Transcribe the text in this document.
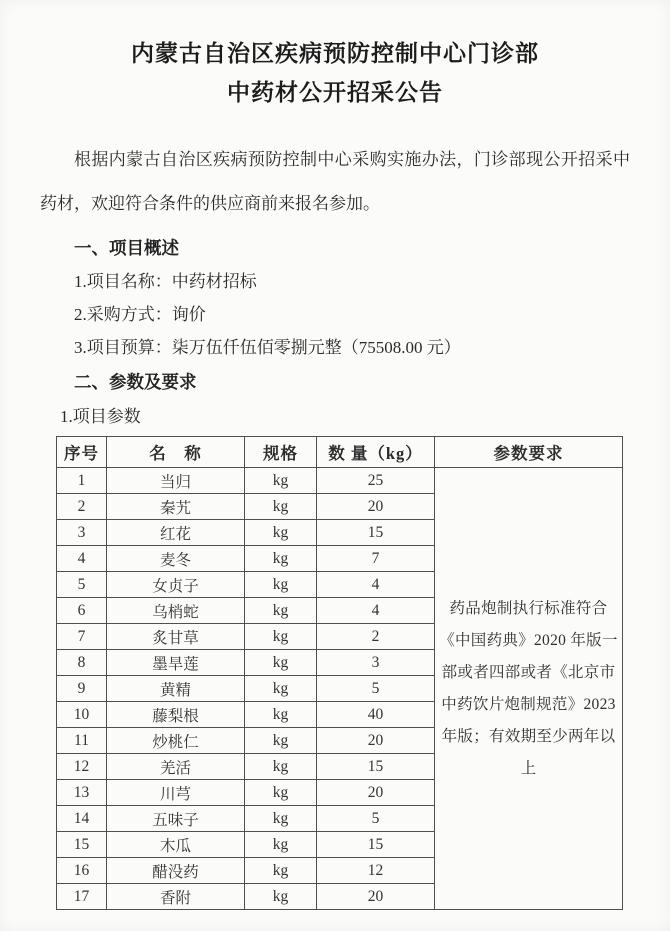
内蒙古自治区疾病预防控制中心门诊部
中药材公开招采公告

根据内蒙古自治区疾病预防控制中心采购实施办法，门诊部现公开招采中药材，欢迎符合条件的供应商前来报名参加。

一、项目概述

1.项目名称：中药材招标

2.采购方式：询价

3.项目预算：柒万伍仟伍佰零捌元整（75508.00 元）

二、参数及要求

1.项目参数

序号	名　称	规格	数 量（kg）	参数要求
1	当归	kg	25	药品炮制执行标准符合《中国药典》2020 年版一部或者四部或者《北京市中药饮片炮制规范》2023 年版；有效期至少两年以上
2	秦艽	kg	20	
3	红花	kg	15	
4	麦冬	kg	7	
5	女贞子	kg	4	
6	乌梢蛇	kg	4	
7	炙甘草	kg	2	
8	墨旱莲	kg	3	
9	黄精	kg	5	
10	藤梨根	kg	40	
11	炒桃仁	kg	20	
12	羌活	kg	15	
13	川芎	kg	20	
14	五味子	kg	5	
15	木瓜	kg	15	
16	醋没药	kg	12	
17	香附	kg	20	
